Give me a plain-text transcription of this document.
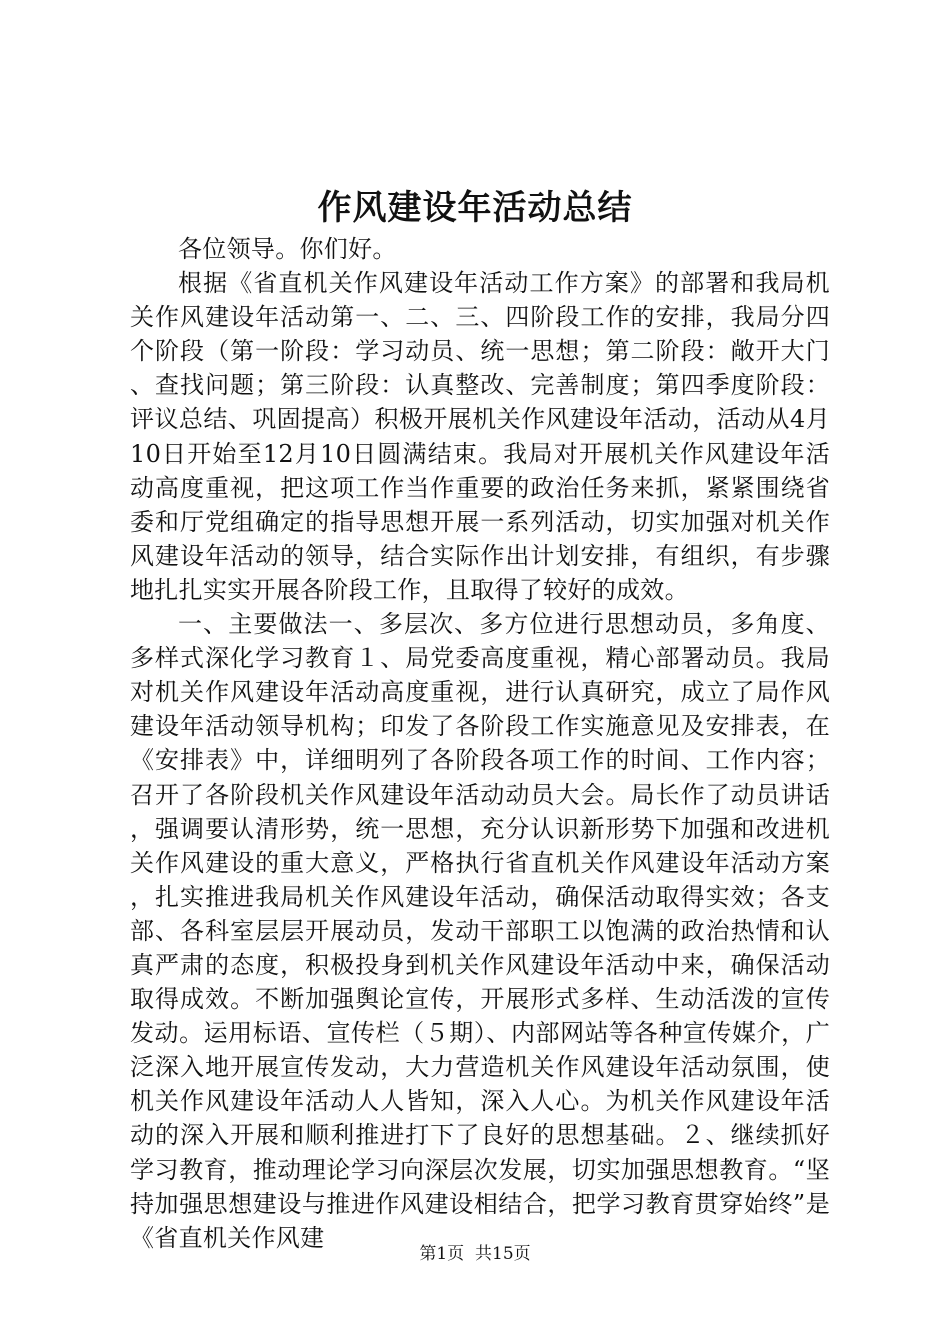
作风建设年活动总结

各位领导。你们好。

根据《省直机关作风建设年活动工作方案》的部署和我局机关作风建设年活动第一、二、三、四阶段工作的安排，我局分四个阶段（第一阶段：学习动员、统一思想；第二阶段：敞开大门、查找问题；第三阶段：认真整改、完善制度；第四季度阶段：评议总结、巩固提高）积极开展机关作风建设年活动，活动从4月10日开始至12月10日圆满结束。我局对开展机关作风建设年活动高度重视，把这项工作当作重要的政治任务来抓，紧紧围绕省委和厅党组确定的指导思想开展一系列活动，切实加强对机关作风建设年活动的领导，结合实际作出计划安排，有组织，有步骤地扎扎实实开展各阶段工作，且取得了较好的成效。

一、主要做法一、多层次、多方位进行思想动员，多角度、多样式深化学习教育１、局党委高度重视，精心部署动员。我局对机关作风建设年活动高度重视，进行认真研究，成立了局作风建设年活动领导机构；印发了各阶段工作实施意见及安排表，在《安排表》中，详细明列了各阶段各项工作的时间、工作内容；召开了各阶段机关作风建设年活动动员大会。局长作了动员讲话，强调要认清形势，统一思想，充分认识新形势下加强和改进机关作风建设的重大意义，严格执行省直机关作风建设年活动方案，扎实推进我局机关作风建设年活动，确保活动取得实效；各支部、各科室层层开展动员，发动干部职工以饱满的政治热情和认真严肃的态度，积极投身到机关作风建设年活动中来，确保活动取得成效。不断加强舆论宣传，开展形式多样、生动活泼的宣传发动。运用标语、宣传栏（５期）、内部网站等各种宣传媒介，广泛深入地开展宣传发动，大力营造机关作风建设年活动氛围，使机关作风建设年活动人人皆知，深入人心。为机关作风建设年活动的深入开展和顺利推进打下了良好的思想基础。２、继续抓好学习教育，推动理论学习向深层次发展，切实加强思想教育。“坚持加强思想建设与推进作风建设相结合，把学习教育贯穿始终”是《省直机关作风建

第1页 共15页
